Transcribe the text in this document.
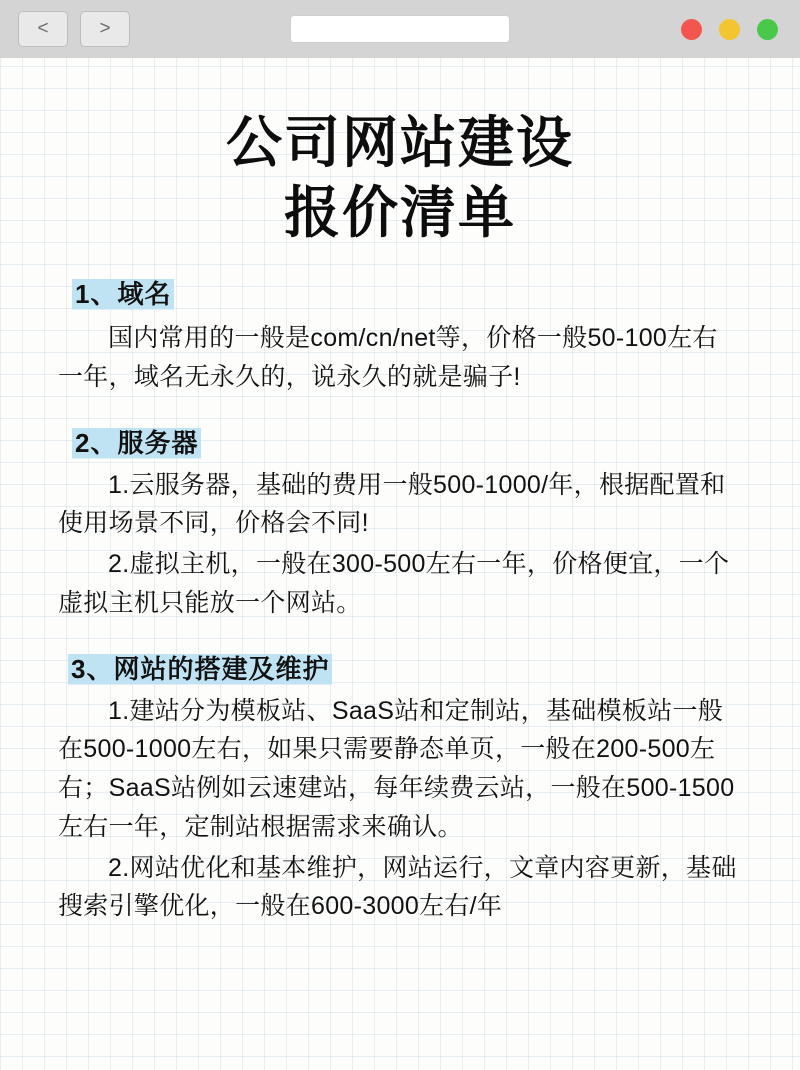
<	>
公司网站建设
报价清单
1、域名

国内常用的一般是com/cn/net等，价格一般50-100左右一年，域名无永久的，说永久的就是骗子!

2、服务器

1.云服务器，基础的费用一般500-1000/年，根据配置和使用场景不同，价格会不同!

2.虚拟主机，一般在300-500左右一年，价格便宜，一个虚拟主机只能放一个网站。

3、网站的搭建及维护

1.建站分为模板站、SaaS站和定制站，基础模板站一般在500-1000左右，如果只需要静态单页，一般在200-500左右；SaaS站例如云速建站，每年续费云站，一般在500-1500左右一年，定制站根据需求来确认。

2.网站优化和基本维护，网站运行，文章内容更新，基础搜索引擎优化，一般在600-3000左右/年
